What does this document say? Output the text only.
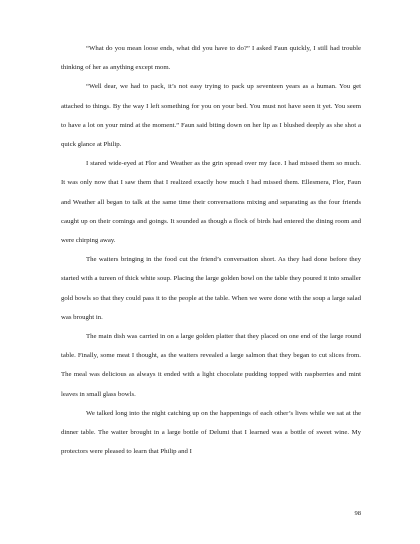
“What do you mean loose ends, what did you have to do?” I asked Faun quickly, I still had trouble thinking of her as anything except mom.

“Well dear, we had to pack, it’s not easy trying to pack up seventeen years as a human. You get attached to things. By the way I left something for you on your bed. You must not have seen it yet. You seem to have a lot on your mind at the moment.” Faun said biting down on her lip as I blushed deeply as she shot a quick glance at Philip.

I stared wide-eyed at Flor and Weather as the grin spread over my face. I had missed them so much. It was only now that I saw them that I realized exactly how much I had missed them. Ellesmera, Flor, Faun and Weather all began to talk at the same time their conversations mixing and separating as the four friends caught up on their comings and goings. It sounded as though a flock of birds had entered the dining room and were chirping away.

The waiters bringing in the food cut the friend’s conversation short. As they had done before they started with a tureen of thick white soup. Placing the large golden bowl on the table they poured it into smaller gold bowls so that they could pass it to the people at the table. When we were done with the soup a large salad was brought in.

The main dish was carried in on a large golden platter that they placed on one end of the large round table. Finally, some meat I thought, as the waiters revealed a large salmon that they began to cut slices from. The meal was delicious as always it ended with a light chocolate pudding topped with raspberries and mint leaves in small glass bowls.

We talked long into the night catching up on the happenings of each other’s lives while we sat at the dinner table. The waiter brought in a large bottle of Delumi that I learned was a bottle of sweet wine. My protectors were pleased to learn that Philip and I

98
